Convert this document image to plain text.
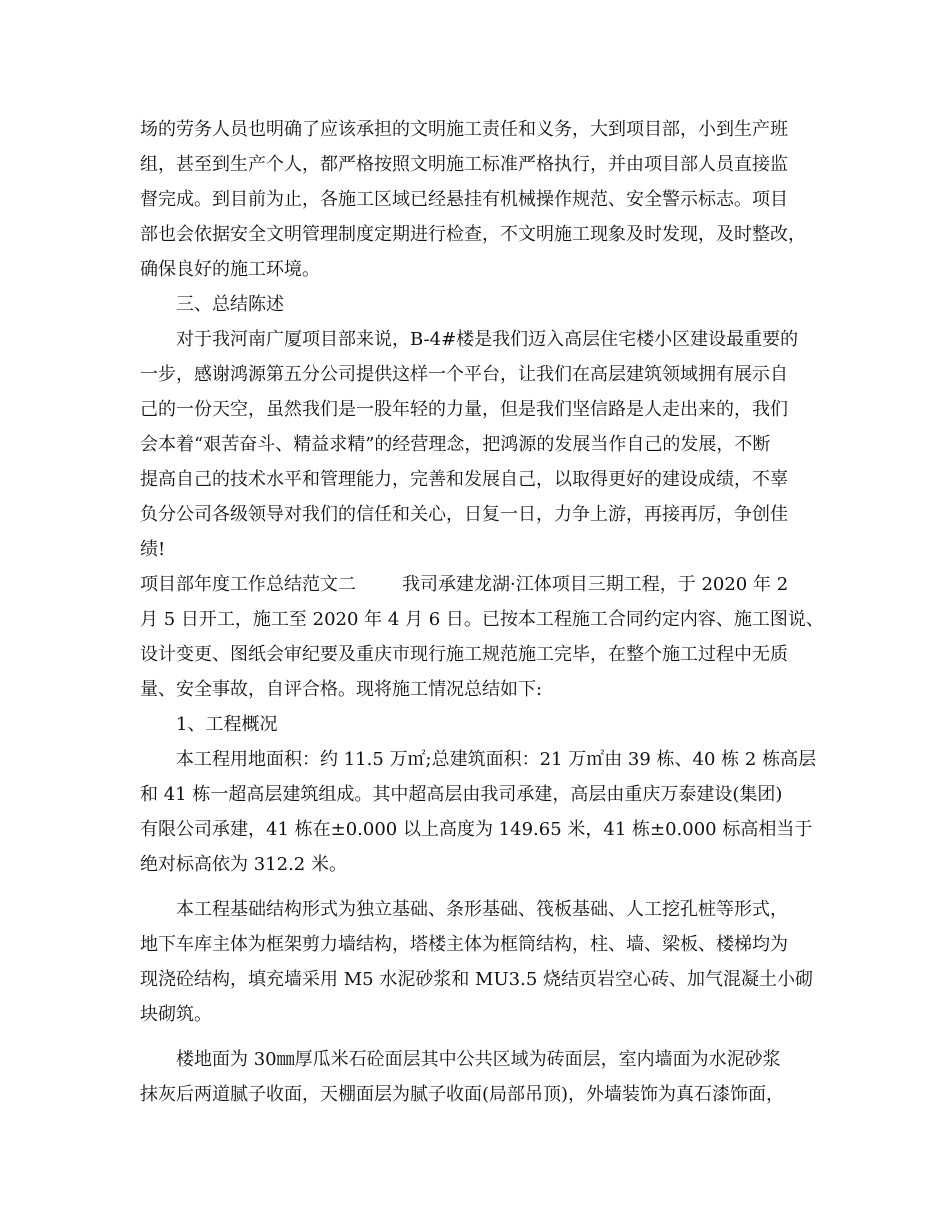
场的劳务人员也明确了应该承担的文明施工责任和义务，大到项目部，小到生产班
组，甚至到生产个人，都严格按照文明施工标准严格执行，并由项目部人员直接监
督完成。到目前为止，各施工区域已经悬挂有机械操作规范、安全警示标志。项目
部也会依据安全文明管理制度定期进行检查，不文明施工现象及时发现，及时整改，
确保良好的施工环境。
三、总结陈述
对于我河南广厦项目部来说，B-4#楼是我们迈入高层住宅楼小区建设最重要的
一步，感谢鸿源第五分公司提供这样一个平台，让我们在高层建筑领域拥有展示自
己的一份天空，虽然我们是一股年轻的力量，但是我们坚信路是人走出来的，我们
会本着“艰苦奋斗、精益求精”的经营理念，把鸿源的发展当作自己的发展，不断
提高自己的技术水平和管理能力，完善和发展自己，以取得更好的建设成绩，不辜
负分公司各级领导对我们的信任和关心，日复一日，力争上游，再接再厉，争创佳
绩!
项目部年度工作总结范文二	我司承建龙湖·江体项目三期工程，于 2020 年 2
月 5 日开工，施工至 2020 年 4 月 6 日。已按本工程施工合同约定内容、施工图说、
设计变更、图纸会审纪要及重庆市现行施工规范施工完毕，在整个施工过程中无质
量、安全事故，自评合格。现将施工情况总结如下:
1、工程概况
本工程用地面积：约 11.5 万㎡;总建筑面积：21 万㎡由 39 栋、40 栋 2 栋高层
和 41 栋一超高层建筑组成。其中超高层由我司承建，高层由重庆万泰建设(集团)
有限公司承建，41 栋在±0.000 以上高度为 149.65 米，41 栋±0.000 标高相当于
绝对标高依为 312.2 米。
本工程基础结构形式为独立基础、条形基础、筏板基础、人工挖孔桩等形式，
地下车库主体为框架剪力墙结构，塔楼主体为框筒结构，柱、墙、梁板、楼梯均为
现浇砼结构，填充墙采用 M5 水泥砂浆和 MU3.5 烧结页岩空心砖、加气混凝土小砌
块砌筑。
楼地面为 30㎜厚瓜米石砼面层其中公共区域为砖面层，室内墙面为水泥砂浆
抹灰后两道腻子收面，天棚面层为腻子收面(局部吊顶)，外墙装饰为真石漆饰面，
